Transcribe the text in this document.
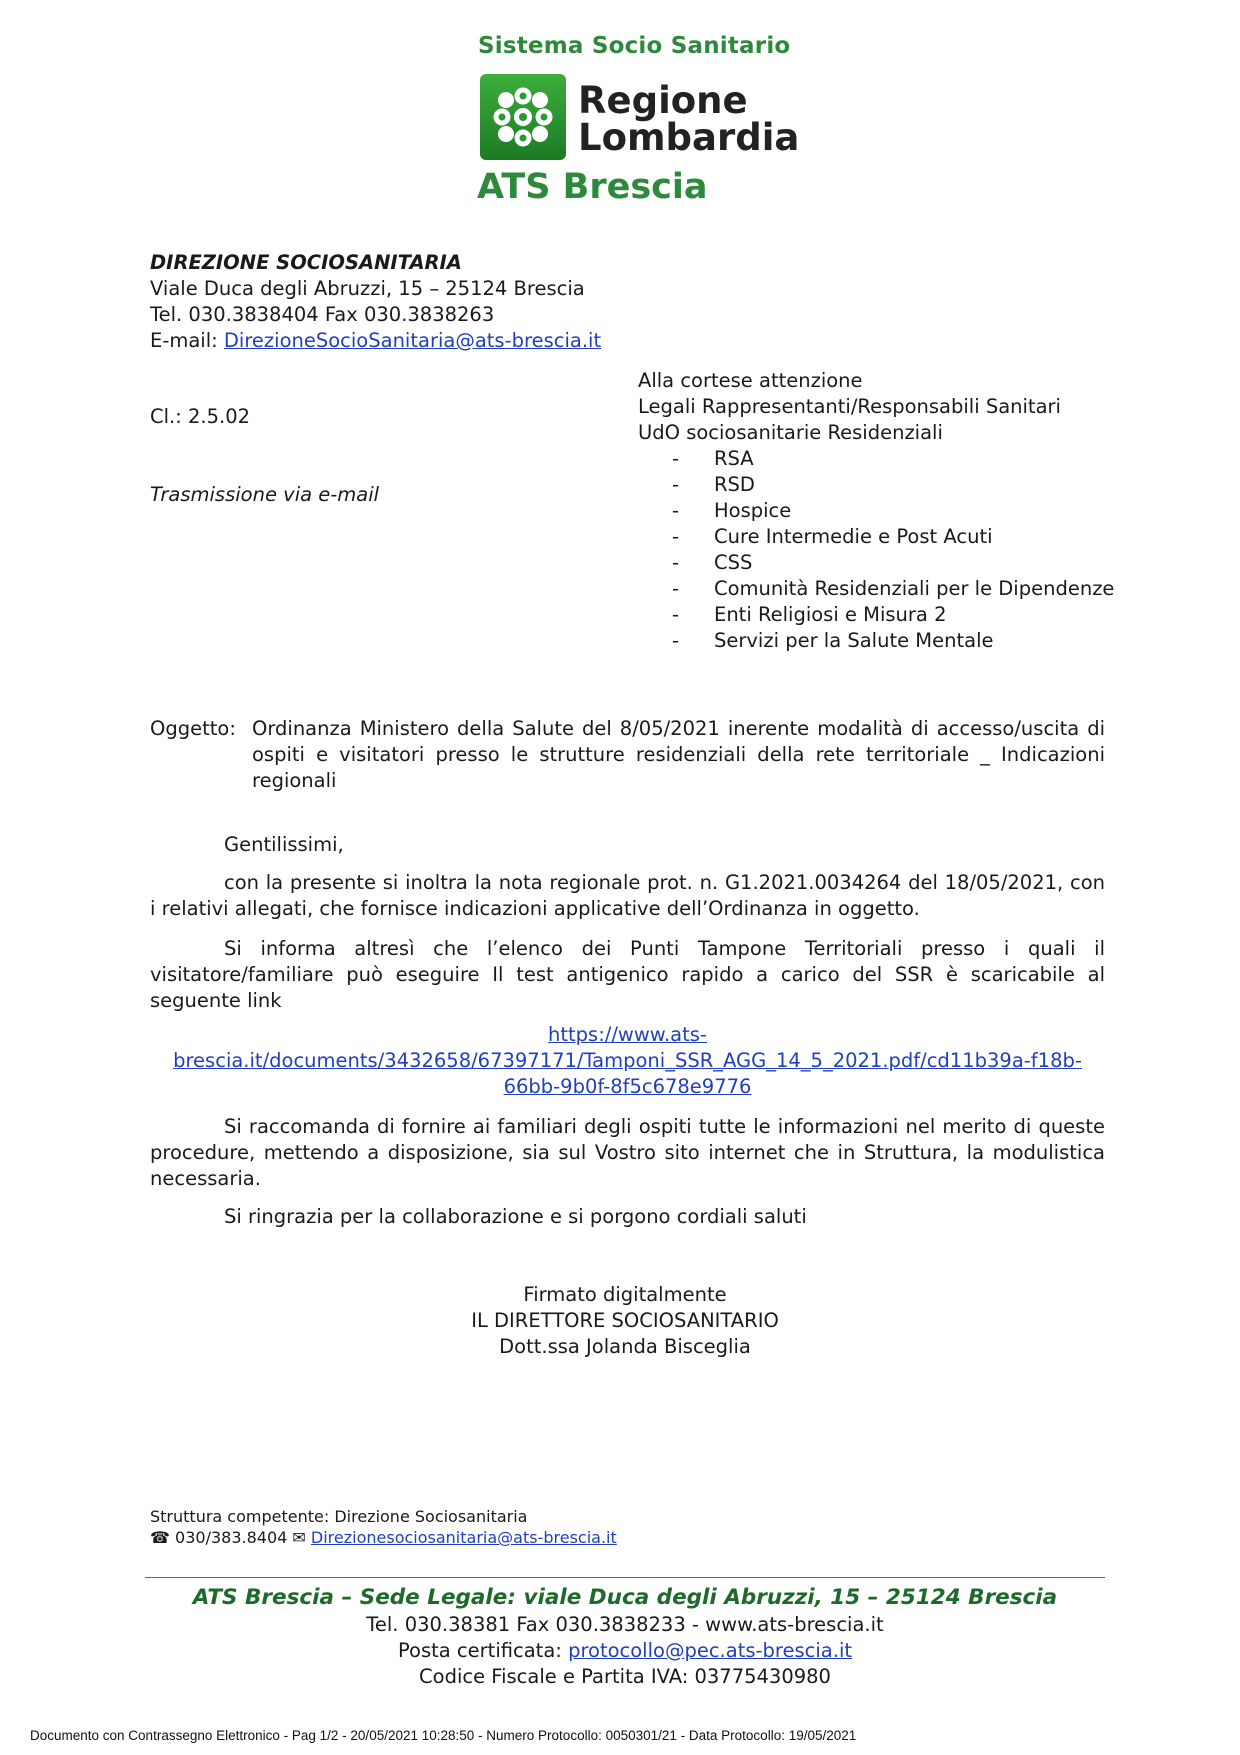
Sistema Socio Sanitario
Regione
Lombardia
ATS Brescia
DIREZIONE SOCIOSANITARIA
Viale Duca degli Abruzzi, 15 – 25124 Brescia
Tel. 030.3838404 Fax 030.3838263
E-mail: DirezioneSocioSanitaria@ats-brescia.it
Cl.: 2.5.02
Trasmissione via e-mail
Alla cortese attenzione
Legali Rappresentanti/Responsabili Sanitari
UdO sociosanitarie Residenziali
- RSA
- RSD
- Hospice
- Cure Intermedie e Post Acuti
- CSS
- Comunità Residenziali per le Dipendenze
- Enti Religiosi e Misura 2
- Servizi per la Salute Mentale
Oggetto: Ordinanza Ministero della Salute del 8/05/2021 inerente modalità di accesso/uscita di ospiti e visitatori presso le strutture residenziali della rete territoriale _ Indicazioni regionali
Gentilissimi,
con la presente si inoltra la nota regionale prot. n. G1.2021.0034264 del 18/05/2021, con i relativi allegati, che fornisce indicazioni applicative dell’Ordinanza in oggetto.
Si informa altresì che l’elenco dei Punti Tampone Territoriali presso i quali il visitatore/familiare può eseguire Il test antigenico rapido a carico del SSR è scaricabile al seguente link
https://www.ats-
brescia.it/documents/3432658/67397171/Tamponi_SSR_AGG_14_5_2021.pdf/cd11b39a-f18b-
66bb-9b0f-8f5c678e9776
Si raccomanda di fornire ai familiari degli ospiti tutte le informazioni nel merito di queste procedure, mettendo a disposizione, sia sul Vostro sito internet che in Struttura, la modulistica necessaria.
Si ringrazia per la collaborazione e si porgono cordiali saluti
Firmato digitalmente
IL DIRETTORE SOCIOSANITARIO
Dott.ssa Jolanda Bisceglia
Struttura competente: Direzione Sociosanitaria
☎ 030/383.8404 ✉ Direzionesociosanitaria@ats-brescia.it
ATS Brescia – Sede Legale: viale Duca degli Abruzzi, 15 – 25124 Brescia
Tel. 030.38381 Fax 030.3838233 - www.ats-brescia.it
Posta certificata: protocollo@pec.ats-brescia.it
Codice Fiscale e Partita IVA: 03775430980
Documento con Contrassegno Elettronico - Pag 1/2 - 20/05/2021 10:28:50 - Numero Protocollo: 0050301/21 - Data Protocollo: 19/05/2021
